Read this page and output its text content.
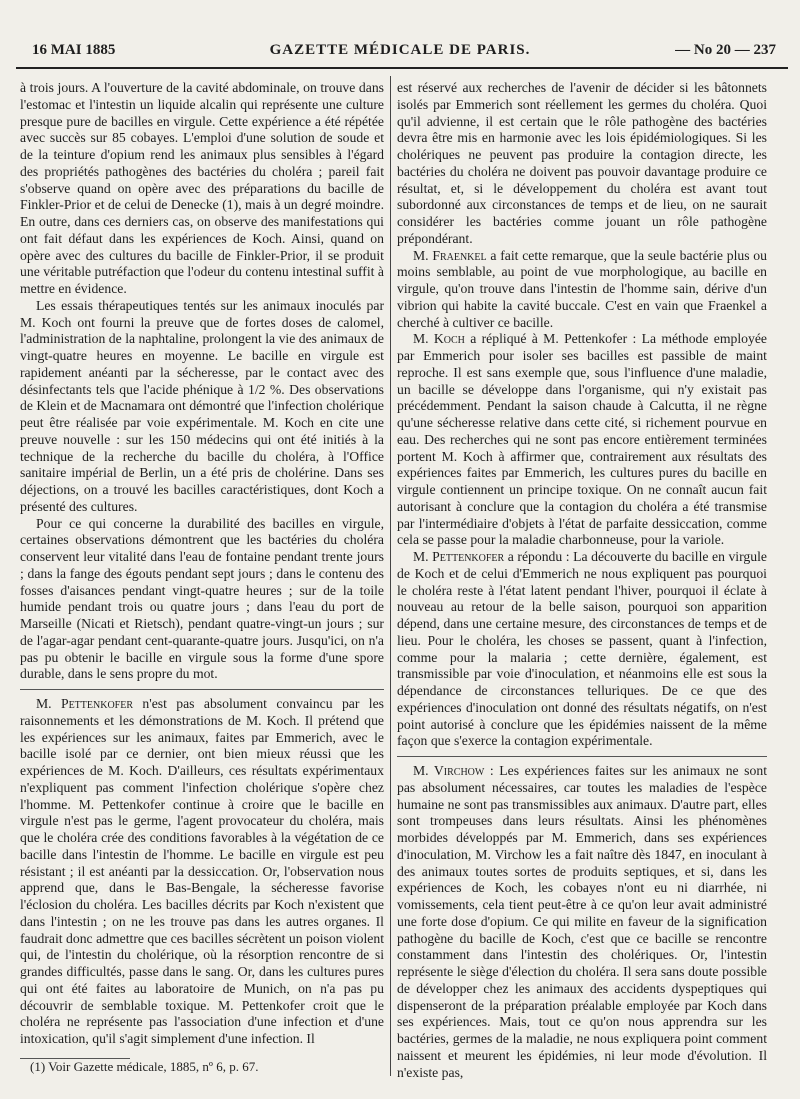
16 MAI 1885	GAZETTE MÉDICALE DE PARIS.	— No 20 — 237

à trois jours. A l'ouverture de la cavité abdominale, on trouve dans l'estomac et l'intestin un liquide alcalin qui représente une culture presque pure de bacilles en virgule. Cette expérience a été répétée avec succès sur 85 cobayes. L'emploi d'une solution de soude et de la teinture d'opium rend les animaux plus sensibles à l'égard des propriétés pathogènes des bactéries du choléra ; pareil fait s'observe quand on opère avec des préparations du bacille de Finkler-Prior et de celui de Denecke (1), mais à un degré moindre. En outre, dans ces derniers cas, on observe des manifestations qui ont fait défaut dans les expériences de Koch. Ainsi, quand on opère avec des cultures du bacille de Finkler-Prior, il se produit une véritable putréfaction que l'odeur du contenu intestinal suffit à mettre en évidence.

Les essais thérapeutiques tentés sur les animaux inoculés par M. Koch ont fourni la preuve que de fortes doses de calomel, l'administration de la naphtaline, prolongent la vie des animaux de vingt-quatre heures en moyenne. Le bacille en virgule est rapidement anéanti par la sécheresse, par le contact avec des désinfectants tels que l'acide phénique à 1/2 %. Des observations de Klein et de Macnamara ont démontré que l'infection cholérique peut être réalisée par voie expérimentale. M. Koch en cite une preuve nouvelle : sur les 150 médecins qui ont été initiés à la technique de la recherche du bacille du choléra, à l'Office sanitaire impérial de Berlin, un a été pris de cholérine. Dans ses déjections, on a trouvé les bacilles caractéristiques, dont Koch a présenté des cultures.

Pour ce qui concerne la durabilité des bacilles en virgule, certaines observations démontrent que les bactéries du choléra conservent leur vitalité dans l'eau de fontaine pendant trente jours ; dans la fange des égouts pendant sept jours ; dans le contenu des fosses d'aisances pendant vingt-quatre heures ; sur de la toile humide pendant trois ou quatre jours ; dans l'eau du port de Marseille (Nicati et Rietsch), pendant quatre-vingt-un jours ; sur de l'agar-agar pendant cent-quarante-quatre jours. Jusqu'ici, on n'a pas pu obtenir le bacille en virgule sous la forme d'une spore durable, dans le sens propre du mot.

M. Pettenkofer n'est pas absolument convaincu par les raisonnements et les démonstrations de M. Koch. Il prétend que les expériences sur les animaux, faites par Emmerich, avec le bacille isolé par ce dernier, ont bien mieux réussi que les expériences de M. Koch. D'ailleurs, ces résultats expérimentaux n'expliquent pas comment l'infection cholérique s'opère chez l'homme. M. Pettenkofer continue à croire que le bacille en virgule n'est pas le germe, l'agent provocateur du choléra, mais que le choléra crée des conditions favorables à la végétation de ce bacille dans l'intestin de l'homme. Le bacille en virgule est peu résistant ; il est anéanti par la dessiccation. Or, l'observation nous apprend que, dans le Bas-Bengale, la sécheresse favorise l'éclosion du choléra. Les bacilles décrits par Koch n'existent que dans l'intestin ; on ne les trouve pas dans les autres organes. Il faudrait donc admettre que ces bacilles sécrètent un poison violent qui, de l'intestin du cholérique, où la résorption rencontre de si grandes difficultés, passe dans le sang. Or, dans les cultures pures qui ont été faites au laboratoire de Munich, on n'a pas pu découvrir de semblable toxique. M. Pettenkofer croit que le choléra ne représente pas l'association d'une infection et d'une intoxication, qu'il s'agit simplement d'une infection. Il

(1) Voir Gazette médicale, 1885, nº 6, p. 67.

est réservé aux recherches de l'avenir de décider si les bâtonnets isolés par Emmerich sont réellement les germes du choléra. Quoi qu'il advienne, il est certain que le rôle pathogène des bactéries devra être mis en harmonie avec les lois épidémiologiques. Si les cholériques ne peuvent pas produire la contagion directe, les bactéries du choléra ne doivent pas pouvoir davantage produire ce résultat, et, si le développement du choléra est avant tout subordonné aux circonstances de temps et de lieu, on ne saurait considérer les bactéries comme jouant un rôle pathogène prépondérant.

M. Fraenkel a fait cette remarque, que la seule bactérie plus ou moins semblable, au point de vue morphologique, au bacille en virgule, qu'on trouve dans l'intestin de l'homme sain, dérive d'un vibrion qui habite la cavité buccale. C'est en vain que Fraenkel a cherché à cultiver ce bacille.

M. Koch a répliqué à M. Pettenkofer : La méthode employée par Emmerich pour isoler ses bacilles est passible de maint reproche. Il est sans exemple que, sous l'influence d'une maladie, un bacille se développe dans l'organisme, qui n'y existait pas précédemment. Pendant la saison chaude à Calcutta, il ne règne qu'une sécheresse relative dans cette cité, si richement pourvue en eau. Des recherches qui ne sont pas encore entièrement terminées portent M. Koch à affirmer que, contrairement aux résultats des expériences faites par Emmerich, les cultures pures du bacille en virgule contiennent un principe toxique. On ne connaît aucun fait autorisant à conclure que la contagion du choléra a été transmise par l'intermédiaire d'objets à l'état de parfaite dessiccation, comme cela se passe pour la maladie charbonneuse, pour la variole.

M. Pettenkofer a répondu : La découverte du bacille en virgule de Koch et de celui d'Emmerich ne nous expliquent pas pourquoi le choléra reste à l'état latent pendant l'hiver, pourquoi il éclate à nouveau au retour de la belle saison, pourquoi son apparition dépend, dans une certaine mesure, des circonstances de temps et de lieu. Pour le choléra, les choses se passent, quant à l'infection, comme pour la malaria ; cette dernière, également, est transmissible par voie d'inoculation, et néanmoins elle est sous la dépendance de circonstances telluriques. De ce que des expériences d'inoculation ont donné des résultats négatifs, on n'est point autorisé à conclure que les épidémies naissent de la même façon que s'exerce la contagion expérimentale.

M. Virchow : Les expériences faites sur les animaux ne sont pas absolument nécessaires, car toutes les maladies de l'espèce humaine ne sont pas transmissibles aux animaux. D'autre part, elles sont trompeuses dans leurs résultats. Ainsi les phénomènes morbides développés par M. Emmerich, dans ses expériences d'inoculation, M. Virchow les a fait naître dès 1847, en inoculant à des animaux toutes sortes de produits septiques, et si, dans les expériences de Koch, les cobayes n'ont eu ni diarrhée, ni vomissements, cela tient peut-être à ce qu'on leur avait administré une forte dose d'opium. Ce qui milite en faveur de la signification pathogène du bacille de Koch, c'est que ce bacille se rencontre constamment dans l'intestin des cholériques. Or, l'intestin représente le siège d'élection du choléra. Il sera sans doute possible de développer chez les animaux des accidents dyspeptiques qui dispenseront de la préparation préalable employée par Koch dans ses expériences. Mais, tout ce qu'on nous apprendra sur les bactéries, germes de la maladie, ne nous expliquera point comment naissent et meurent les épidémies, ni leur mode d'évolution. Il n'existe pas,
